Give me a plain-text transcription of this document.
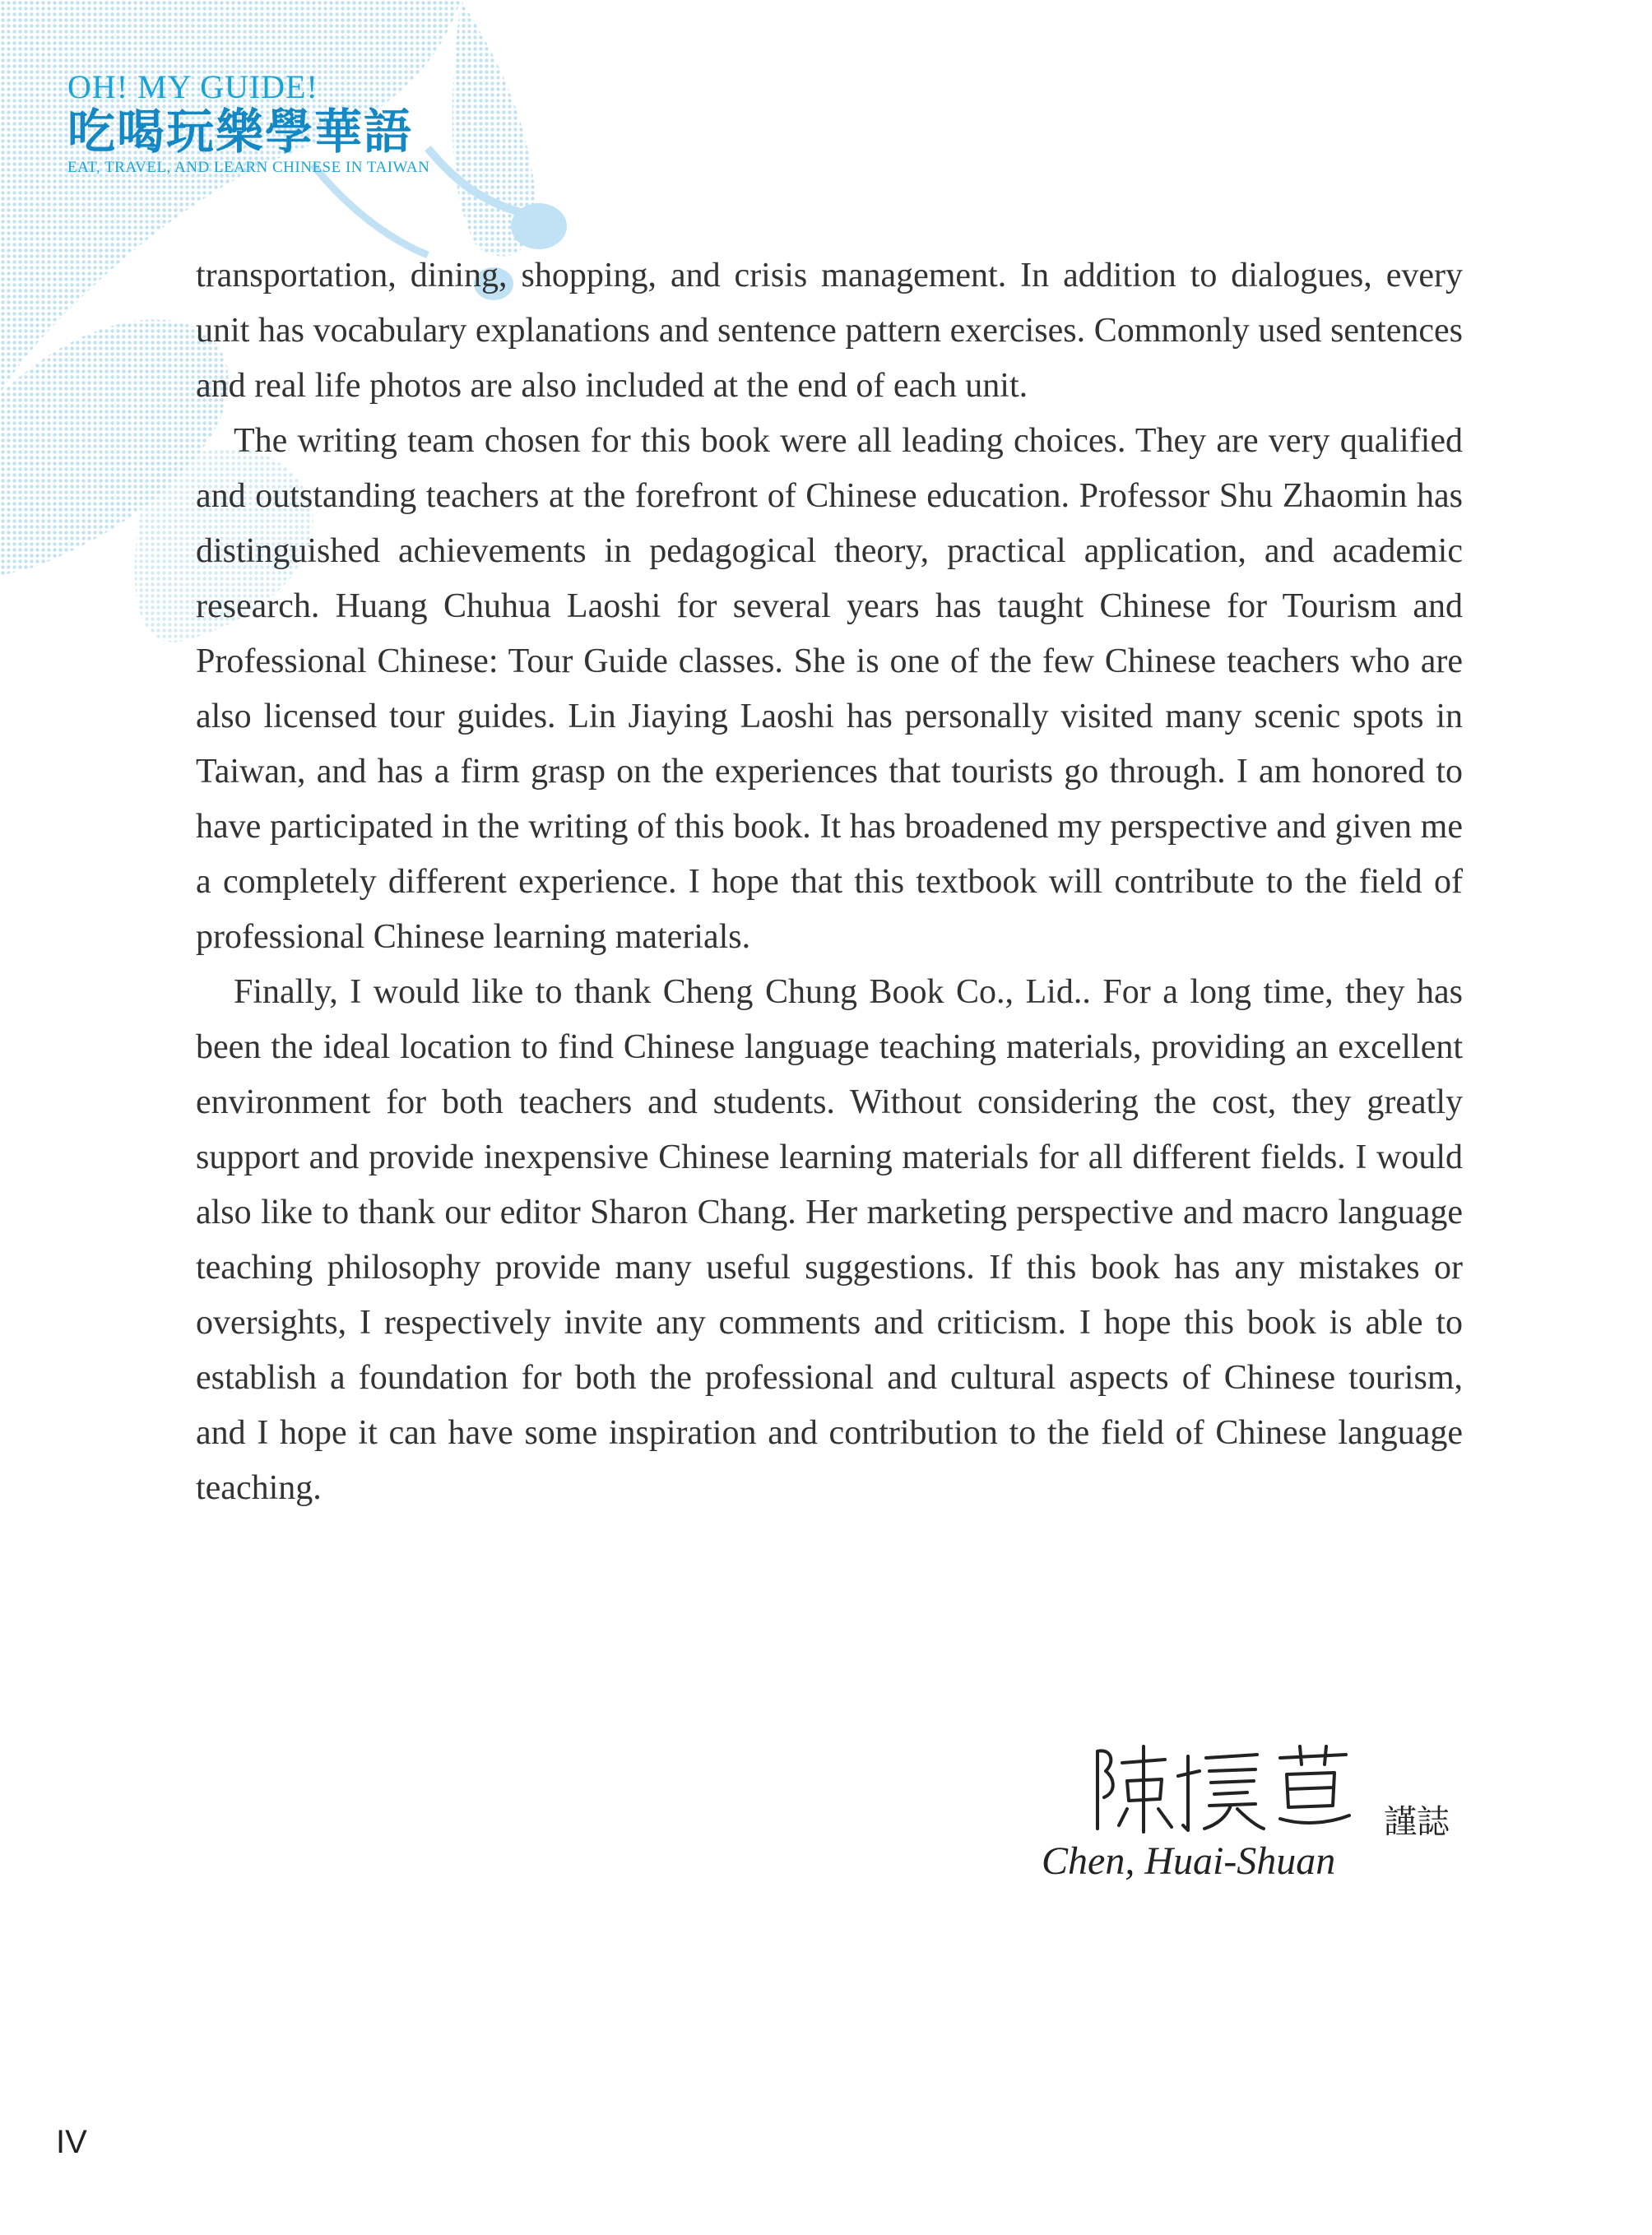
OH! MY GUIDE!
吃喝玩樂學華語
EAT, TRAVEL, AND LEARN CHINESE IN TAIWAN

transportation, dining, shopping, and crisis management. In addition to dialogues, every unit has vocabulary explanations and sentence pattern exercises. Commonly used sentences and real life photos are also included at the end of each unit.

The writing team chosen for this book were all leading choices. They are very qualified and outstanding teachers at the forefront of Chinese education. Professor Shu Zhaomin has distinguished achievements in pedagogical theory, practical application, and academic research. Huang Chuhua Laoshi for several years has taught Chinese for Tourism and Professional Chinese: Tour Guide classes. She is one of the few Chinese teachers who are also licensed tour guides. Lin Jiaying Laoshi has personally visited many scenic spots in Taiwan, and has a firm grasp on the experiences that tourists go through. I am honored to have participated in the writing of this book. It has broadened my perspective and given me a completely different experience. I hope that this textbook will contribute to the field of professional Chinese learning materials.

Finally, I would like to thank Cheng Chung Book Co., Lid.. For a long time, they has been the ideal location to find Chinese language teaching materials, providing an excellent environment for both teachers and students. Without considering the cost, they greatly support and provide inexpensive Chinese learning materials for all different fields. I would also like to thank our editor Sharon Chang. Her marketing perspective and macro language teaching philosophy provide many useful suggestions. If this book has any mistakes or oversights, I respectively invite any comments and criticism. I hope this book is able to establish a foundation for both the professional and cultural aspects of Chinese tourism, and I hope it can have some inspiration and contribution to the field of Chinese language teaching.

謹誌
Chen, Huai-Shuan
IV
